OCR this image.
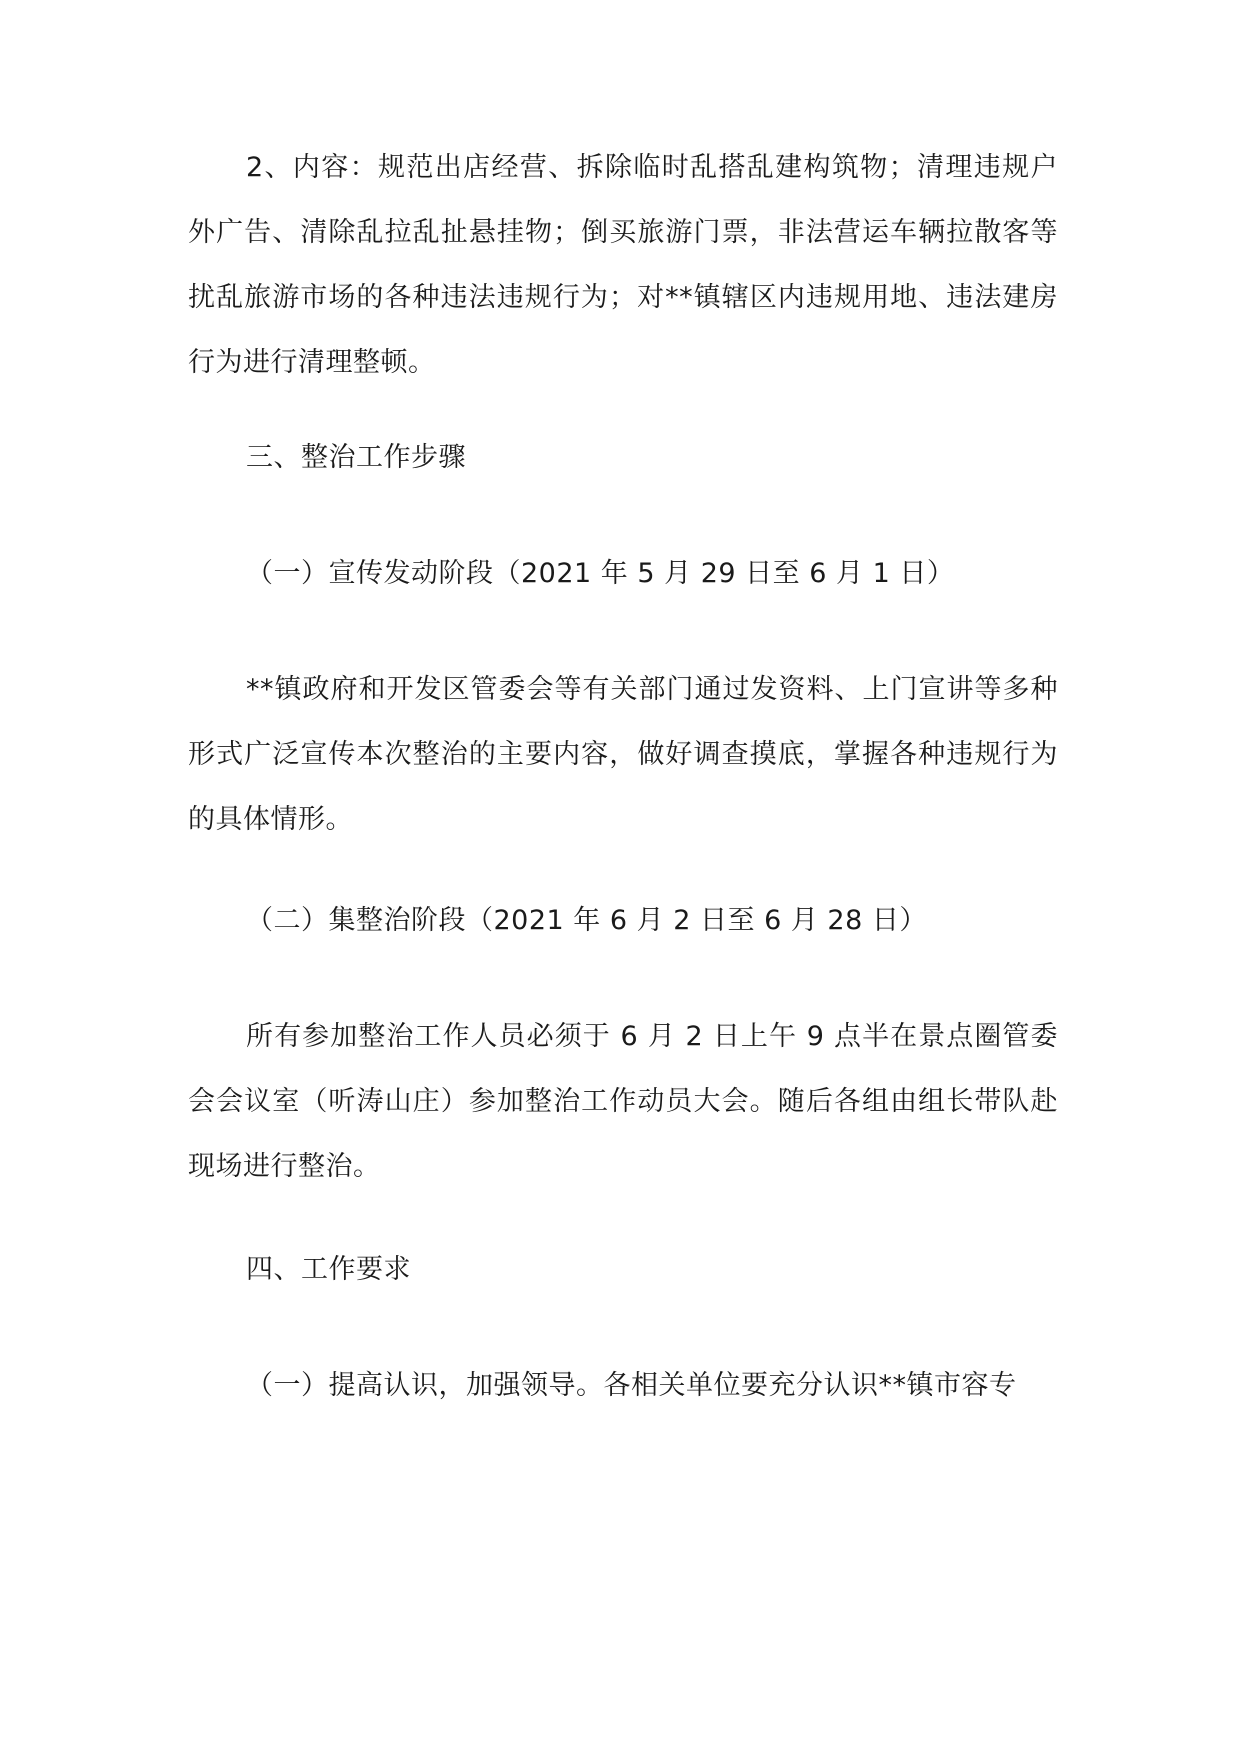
2、内容：规范出店经营、拆除临时乱搭乱建构筑物；清理违规户外广告、清除乱拉乱扯悬挂物；倒买旅游门票，非法营运车辆拉散客等扰乱旅游市场的各种违法违规行为；对**镇辖区内违规用地、违法建房行为进行清理整顿。
三、整治工作步骤
（一）宣传发动阶段（2021 年 5 月 29 日至 6 月 1 日）
**镇政府和开发区管委会等有关部门通过发资料、上门宣讲等多种形式广泛宣传本次整治的主要内容，做好调查摸底，掌握各种违规行为的具体情形。
（二）集整治阶段（2021 年 6 月 2 日至 6 月 28 日）
所有参加整治工作人员必须于 6 月 2 日上午 9 点半在景点圈管委会会议室（听涛山庄）参加整治工作动员大会。随后各组由组长带队赴现场进行整治。
四、工作要求
（一）提高认识，加强领导。各相关单位要充分认识**镇市容专
